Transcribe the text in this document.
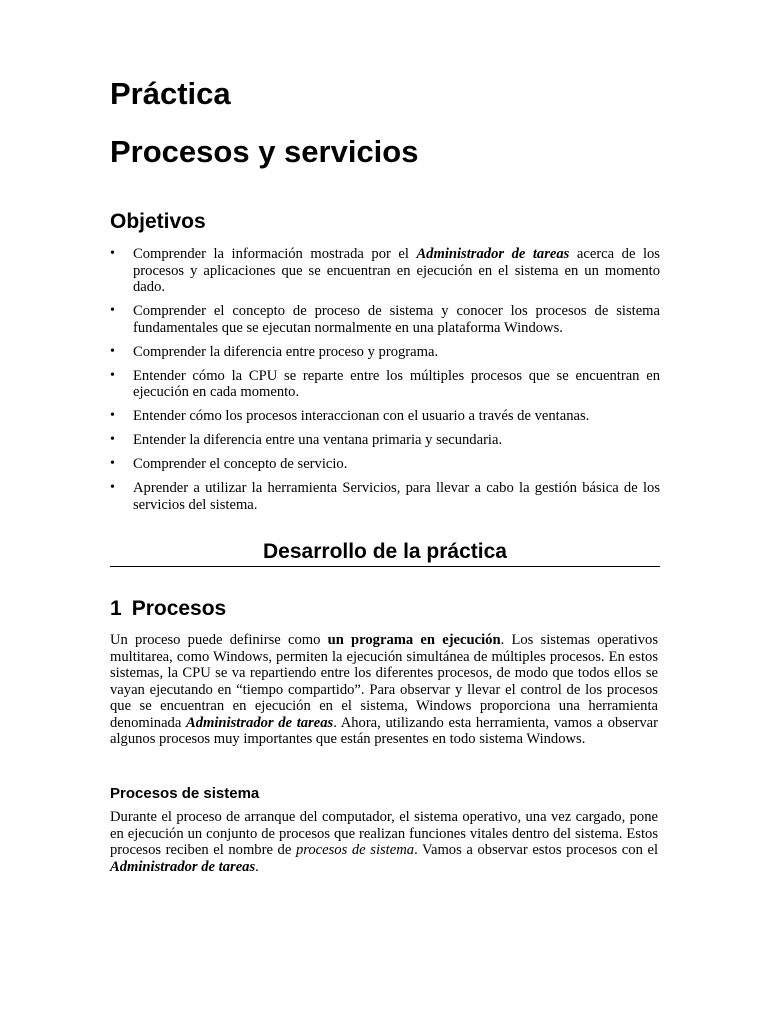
Práctica
Procesos y servicios
Objetivos
• Comprender la información mostrada por el Administrador de tareas acerca de los procesos y aplicaciones que se encuentran en ejecución en el sistema en un momento dado.
• Comprender el concepto de proceso de sistema y conocer los procesos de sistema fundamentales que se ejecutan normalmente en una plataforma Windows.
• Comprender la diferencia entre proceso y programa.
• Entender cómo la CPU se reparte entre los múltiples procesos que se encuentran en ejecución en cada momento.
• Entender cómo los procesos interaccionan con el usuario a través de ventanas.
• Entender la diferencia entre una ventana primaria y secundaria.
• Comprender el concepto de servicio.
• Aprender a utilizar la herramienta Servicios, para llevar a cabo la gestión básica de los servicios del sistema.
Desarrollo de la práctica
1 Procesos

Un proceso puede definirse como un programa en ejecución. Los sistemas operativos multitarea, como Windows, permiten la ejecución simultánea de múltiples procesos. En estos sistemas, la CPU se va repartiendo entre los diferentes procesos, de modo que todos ellos se vayan ejecutando en “tiempo compartido”. Para observar y llevar el control de los procesos que se encuentran en ejecución en el sistema, Windows proporciona una herramienta denominada Administrador de tareas. Ahora, utilizando esta herramienta, vamos a observar algunos procesos muy importantes que están presentes en todo sistema Windows.

Procesos de sistema

Durante el proceso de arranque del computador, el sistema operativo, una vez cargado, pone en ejecución un conjunto de procesos que realizan funciones vitales dentro del sistema. Estos procesos reciben el nombre de procesos de sistema. Vamos a observar estos procesos con el Administrador de tareas.
